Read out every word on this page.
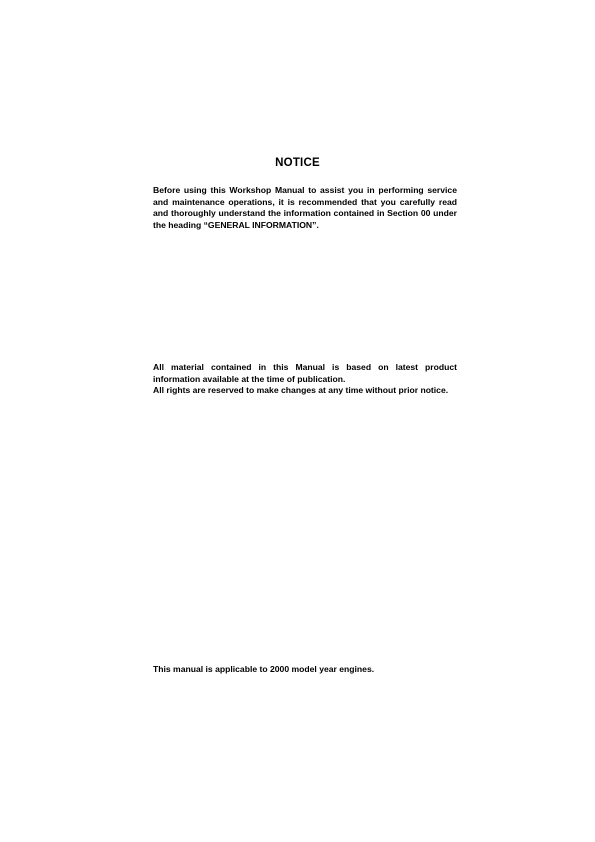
NOTICE

Before using this Workshop Manual to assist you in performing service and maintenance operations, it is recommended that you carefully read and thoroughly understand the information contained in Section 00 under the heading “GENERAL INFORMATION”.

All material contained in this Manual is based on latest product information available at the time of publication.

All rights are reserved to make changes at any time without prior notice.

This manual is applicable to 2000 model year engines.
